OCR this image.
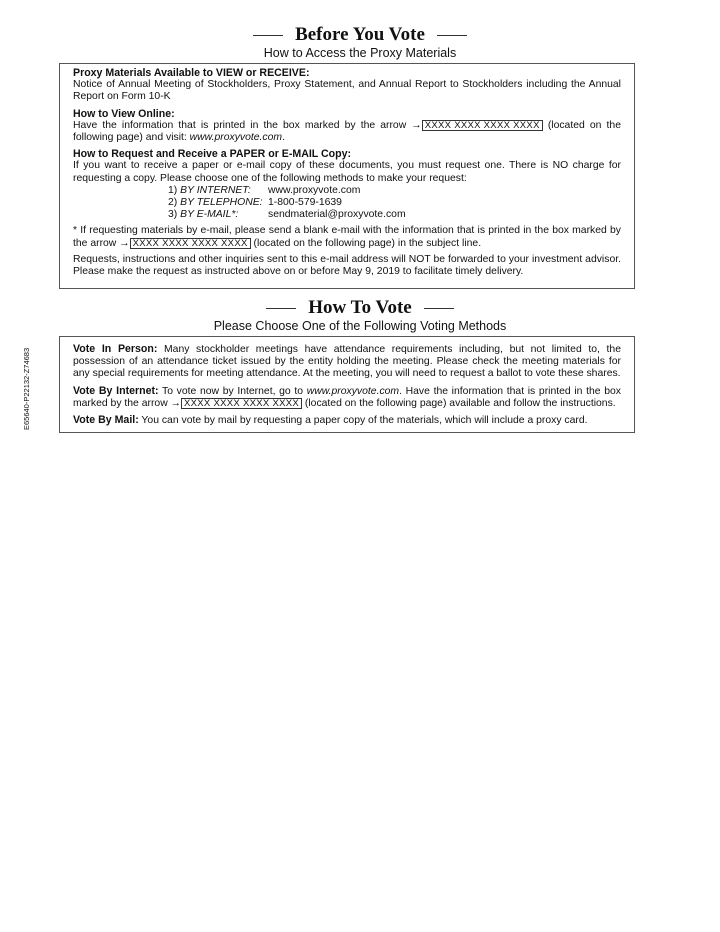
Before You Vote
How to Access the Proxy Materials
Proxy Materials Available to VIEW or RECEIVE:

Notice of Annual Meeting of Stockholders, Proxy Statement, and Annual Report to Stockholders including the Annual Report on Form 10-K

How to View Online:

Have the information that is printed in the box marked by the arrow → XXXX XXXX XXXX XXXX (located on the following page) and visit: www.proxyvote.com.

How to Request and Receive a PAPER or E-MAIL Copy:
If you want to receive a paper or e-mail copy of these documents, you must request one. There is NO charge for requesting a copy. Please choose one of the following methods to make your request:
1) BY INTERNET:	www.proxyvote.com
2) BY TELEPHONE: 1-800-579-1639
3) BY E-MAIL*:	sendmaterial@proxyvote.com

* If requesting materials by e-mail, please send a blank e-mail with the information that is printed in the box marked by the arrow → XXXX XXXX XXXX XXXX (located on the following page) in the subject line.

Requests, instructions and other inquiries sent to this e-mail address will NOT be forwarded to your investment advisor. Please make the request as instructed above on or before May 9, 2019 to facilitate timely delivery.

How To Vote
Please Choose One of the Following Voting Methods

Vote In Person: Many stockholder meetings have attendance requirements including, but not limited to, the possession of an attendance ticket issued by the entity holding the meeting. Please check the meeting materials for any special requirements for meeting attendance. At the meeting, you will need to request a ballot to vote these shares.

Vote By Internet: To vote now by Internet, go to www.proxyvote.com. Have the information that is printed in the box marked by the arrow → XXXX XXXX XXXX XXXX (located on the following page) available and follow the instructions.

Vote By Mail: You can vote by mail by requesting a paper copy of the materials, which will include a proxy card.

E65640-P22132-Z74683
